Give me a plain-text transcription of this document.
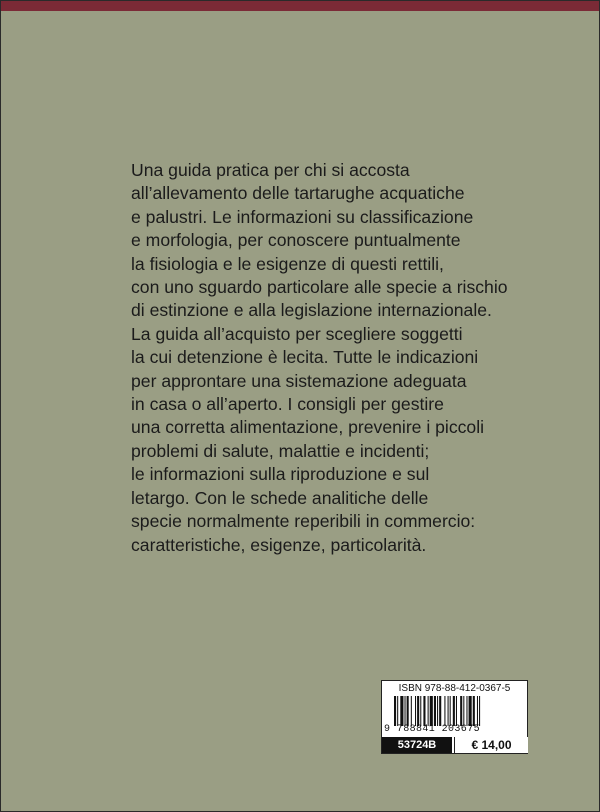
Una guida pratica per chi si accosta
all’allevamento delle tartarughe acquatiche
e palustri. Le informazioni su classificazione
e morfologia, per conoscere puntualmente
la fisiologia e le esigenze di questi rettili,
con uno sguardo particolare alle specie a rischio
di estinzione e alla legislazione internazionale.
La guida all’acquisto per scegliere soggetti
la cui detenzione è lecita. Tutte le indicazioni
per approntare una sistemazione adeguata
in casa o all’aperto. I consigli per gestire
una corretta alimentazione, prevenire i piccoli
problemi di salute, malattie e incidenti;
le informazioni sulla riproduzione e sul
letargo. Con le schede analitiche delle
specie normalmente reperibili in commercio:
caratteristiche, esigenze, particolarità.
ISBN 978-88-412-0367-5
9 788841 203675
53724B	€ 14,00
